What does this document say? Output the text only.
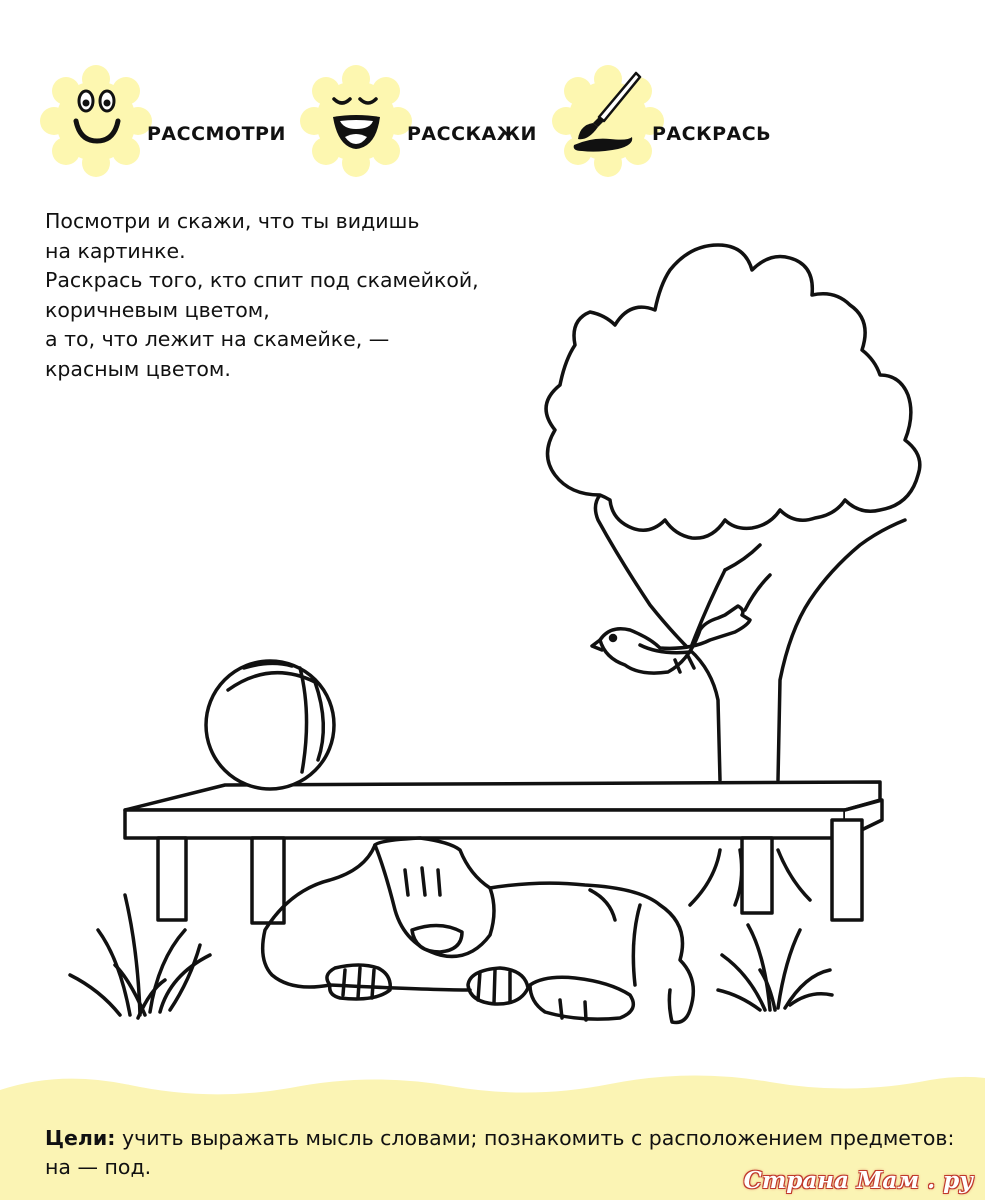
РАССМОТРИ	РАССКАЖИ	РАСКРАСЬ
Посмотри и скажи, что ты видишь
на картинке.
Раскрась того, кто спит под скамейкой,
коричневым цветом,
а то, что лежит на скамейке, —
красным цветом.
Цели: учить выражать мысль словами; познакомить с расположением предметов: на — под.	Страна Мам . ру
